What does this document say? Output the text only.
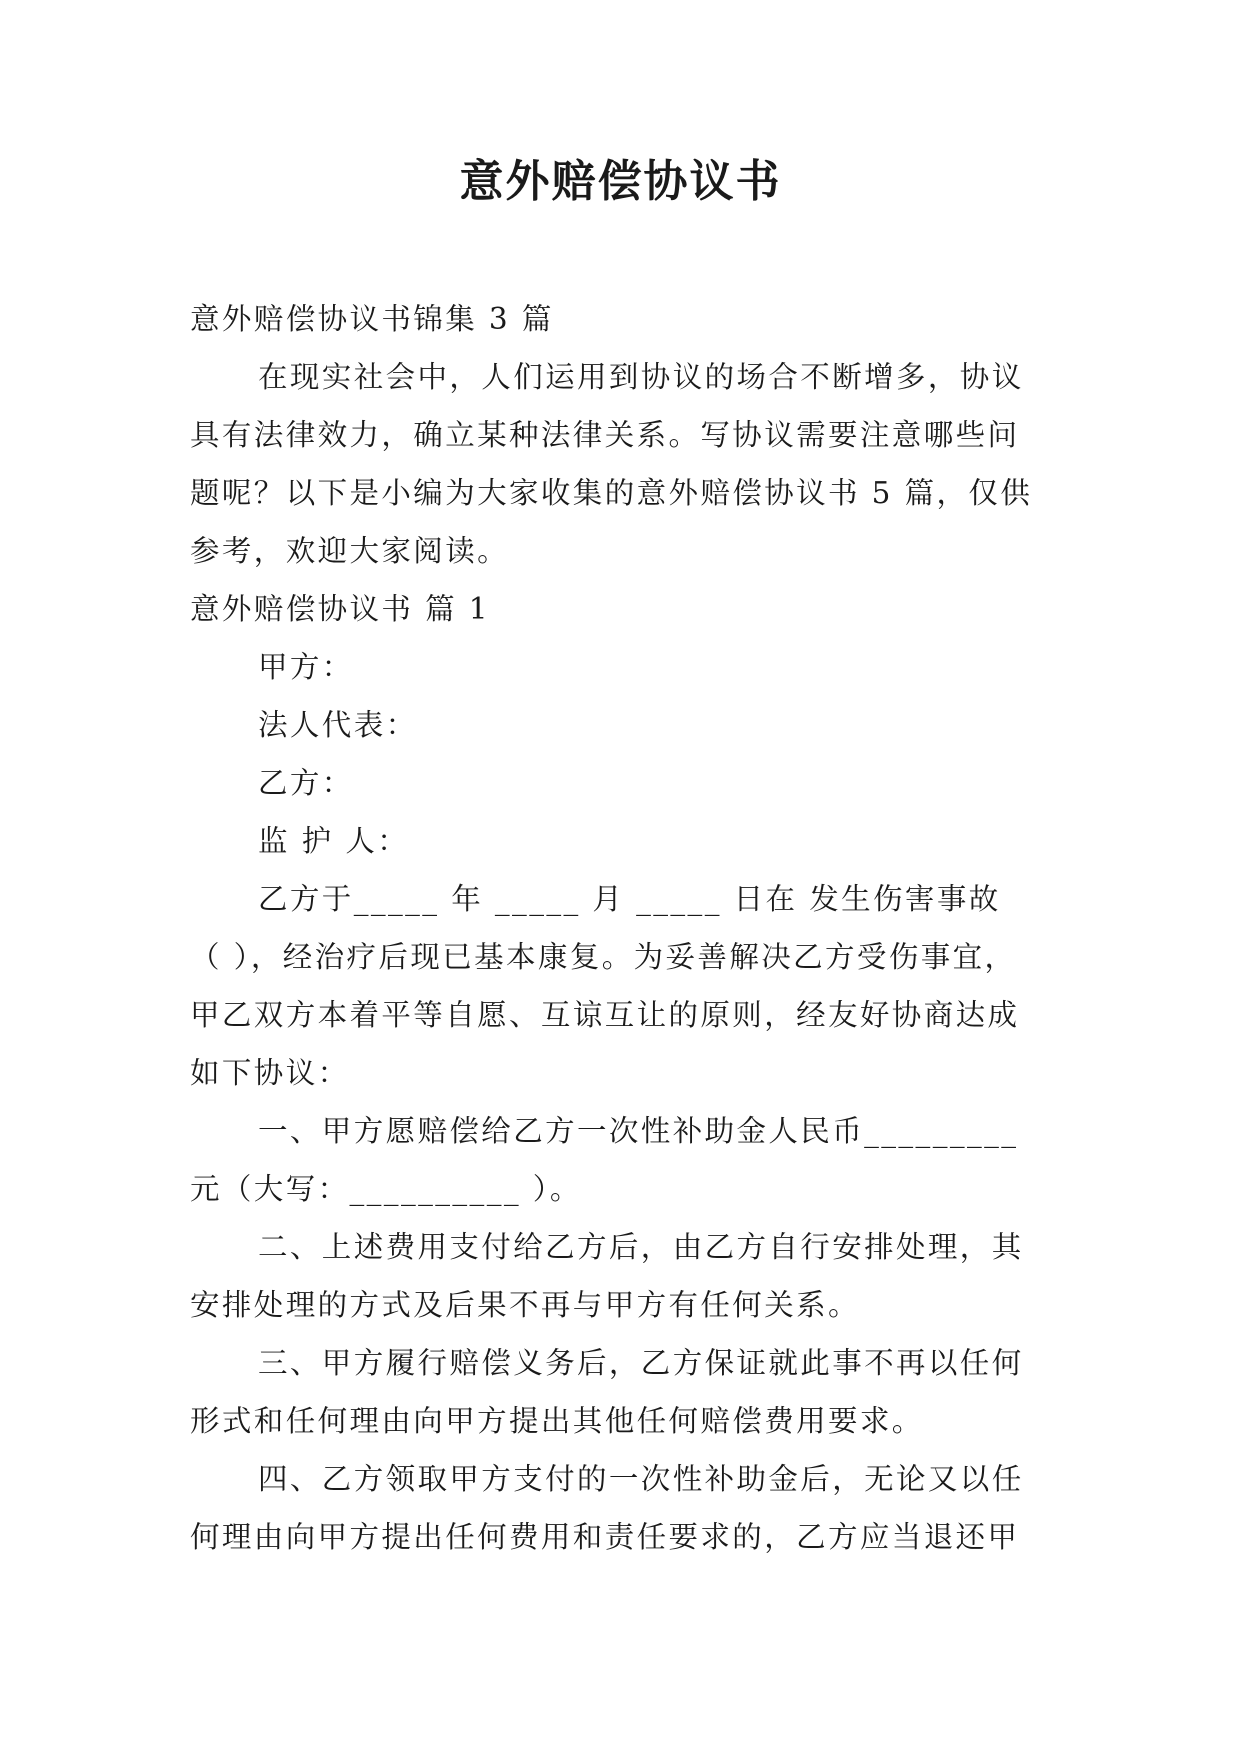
意外赔偿协议书
意外赔偿协议书锦集 3 篇
在现实社会中，人们运用到协议的场合不断增多，协议
具有法律效力，确立某种法律关系。写协议需要注意哪些问
题呢？以下是小编为大家收集的意外赔偿协议书 5 篇，仅供
参考，欢迎大家阅读。
意外赔偿协议书 篇 1
甲方：
法人代表：
乙方：
监 护 人：
乙方于_____ 年 _____ 月 _____ 日在 发生伤害事故
（ ），经治疗后现已基本康复。为妥善解决乙方受伤事宜，
甲乙双方本着平等自愿、互谅互让的原则，经友好协商达成
如下协议：
一、甲方愿赔偿给乙方一次性补助金人民币_________
元（大写：__________ ）。
二、上述费用支付给乙方后，由乙方自行安排处理，其
安排处理的方式及后果不再与甲方有任何关系。
三、甲方履行赔偿义务后，乙方保证就此事不再以任何
形式和任何理由向甲方提出其他任何赔偿费用要求。
四、乙方领取甲方支付的一次性补助金后，无论又以任
何理由向甲方提出任何费用和责任要求的，乙方应当退还甲
